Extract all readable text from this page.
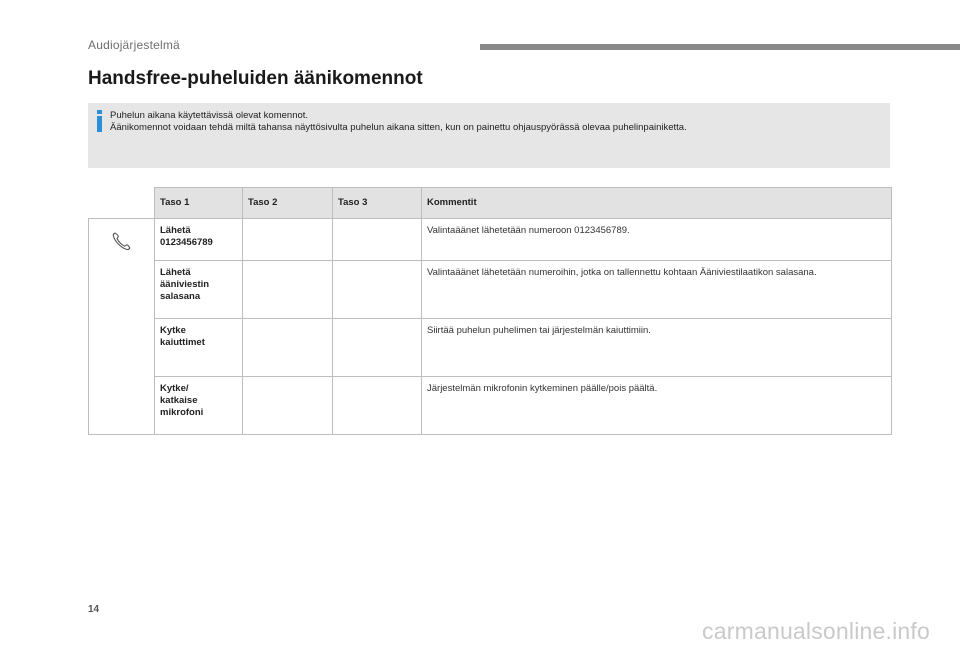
Audiojärjestelmä
Handsfree-puheluiden äänikomennot
Puhelun aikana käytettävissä olevat komennot.
Äänikomennot voidaan tehdä miltä tahansa näyttösivulta puhelun aikana sitten, kun on painettu ohjauspyörässä olevaa puhelinpainiketta.
	Taso 1	Taso 2	Taso 3	Kommentit
	Lähetä
0123456789			Valintaäänet lähetetään numeroon 0123456789.
	Lähetä
ääniviestin
salasana			Valintaäänet lähetetään numeroihin, jotka on tallennettu kohtaan Ääniviestilaatikon salasana.
	Kytke
kaiuttimet			Siirtää puhelun puhelimen tai järjestelmän kaiuttimiin.
	Kytke/
katkaise
mikrofoni			Järjestelmän mikrofonin kytkeminen päälle/pois päältä.
14
carmanualsonline.info
